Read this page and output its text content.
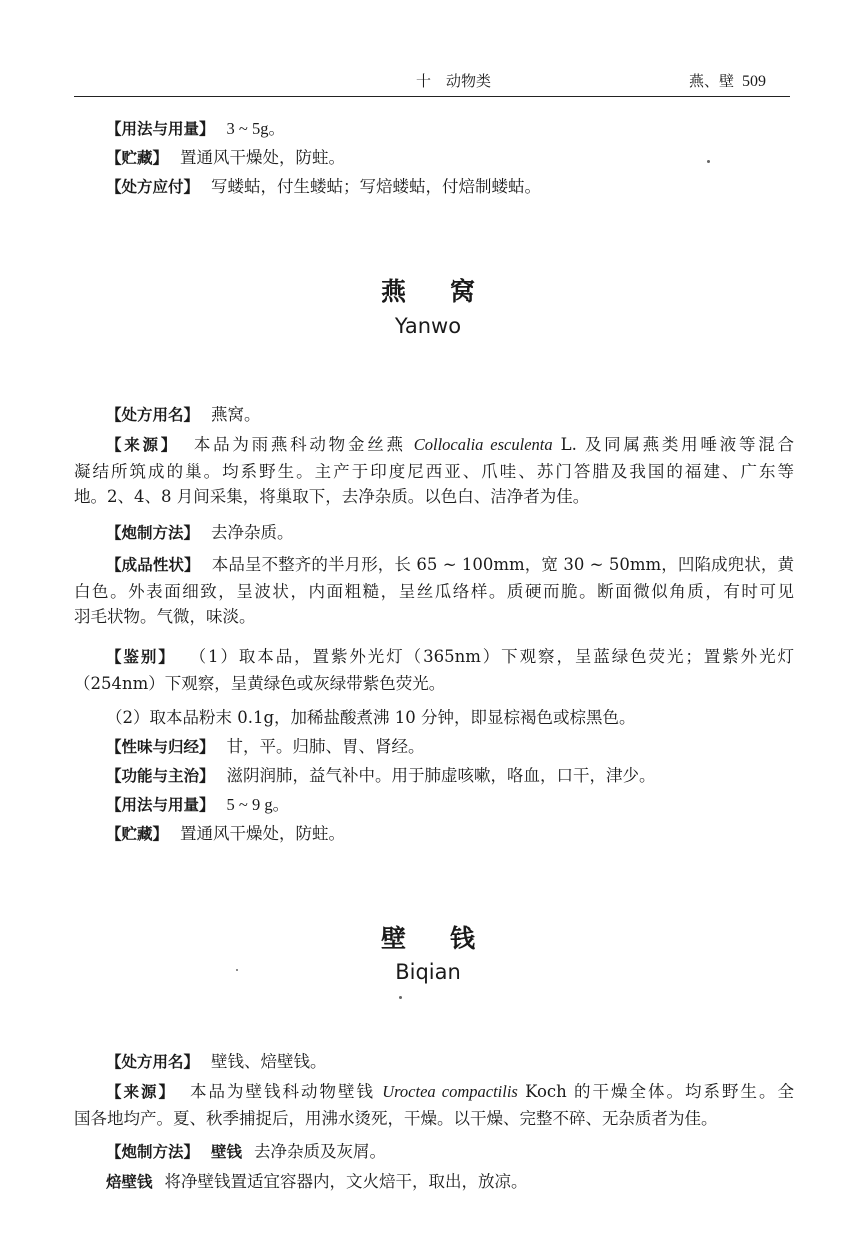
十　动物类	燕、壁 509
【用法与用量】 3 ~ 5g。
【贮藏】 置通风干燥处，防蛀。
【处方应付】 写蝼蛄，付生蝼蛄；写焙蝼蛄，付焙制蝼蛄。
燕窝
Yanwo
【处方用名】 燕窝。
【来源】 本品为雨燕科动物金丝燕 Collocalia esculenta L. 及同属燕类用唾液等混合
凝结所筑成的巢。均系野生。主产于印度尼西亚、爪哇、苏门答腊及我国的福建、广东等
地。2、4、8 月间采集，将巢取下，去净杂质。以色白、洁净者为佳。
【炮制方法】 去净杂质。
【成品性状】 本品呈不整齐的半月形，长 65 ~ 100mm，宽 30 ~ 50mm，凹陷成兜状，黄
白色。外表面细致，呈波状，内面粗糙，呈丝瓜络样。质硬而脆。断面微似角质，有时可见
羽毛状物。气微，味淡。
【鉴别】 （1）取本品，置紫外光灯（365nm）下观察，呈蓝绿色荧光；置紫外光灯
（254nm）下观察，呈黄绿色或灰绿带紫色荧光。
（2）取本品粉末 0.1g，加稀盐酸煮沸 10 分钟，即显棕褐色或棕黑色。
【性味与归经】 甘，平。归肺、胃、肾经。
【功能与主治】 滋阴润肺，益气补中。用于肺虚咳嗽，咯血，口干，津少。
【用法与用量】 5 ~ 9 g。
【贮藏】 置通风干燥处，防蛀。
壁钱
Biqian
【处方用名】 壁钱、焙壁钱。
【来源】 本品为壁钱科动物壁钱 Uroctea compactilis Koch 的干燥全体。均系野生。全
国各地均产。夏、秋季捕捉后，用沸水烫死，干燥。以干燥、完整不碎、无杂质者为佳。
【炮制方法】 壁钱 去净杂质及灰屑。
焙壁钱 将净壁钱置适宜容器内，文火焙干，取出，放凉。
